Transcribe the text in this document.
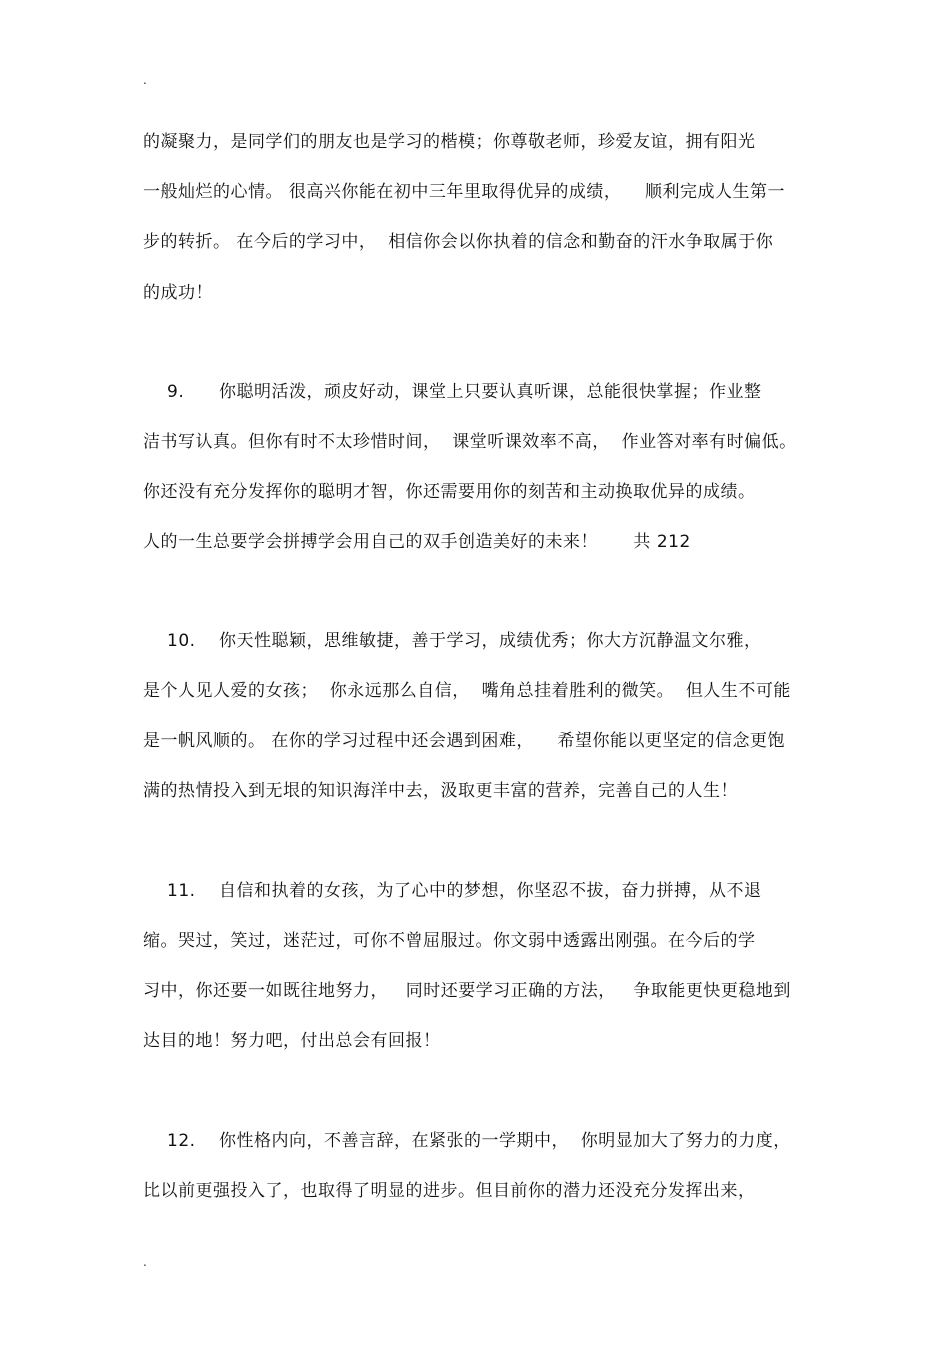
.
的凝聚力，是同学们的朋友也是学习的楷模；你尊敬老师，珍爱友谊，拥有阳光
一般灿烂的心情。 很高兴你能在初中三年里取得优异的成绩，    顺利完成人生第一
步的转折。 在今后的学习中，  相信你会以你执着的信念和勤奋的汗水争取属于你
的成功！
9. 你聪明活泼，顽皮好动，课堂上只要认真听课，总能很快掌握；作业整
洁书写认真。但你有时不太珍惜时间，  课堂听课效率不高，  作业答对率有时偏低。
你还没有充分发挥你的聪明才智，你还需要用你的刻苦和主动换取优异的成绩。
人的一生总要学会拼搏学会用自己的双手创造美好的未来！      共 212
10. 你天性聪颖，思维敏捷，善于学习，成绩优秀；你大方沉静温文尔雅，
是个人见人爱的女孩；  你永远那么自信，  嘴角总挂着胜利的微笑。  但人生不可能
是一帆风顺的。 在你的学习过程中还会遇到困难，    希望你能以更坚定的信念更饱
满的热情投入到无垠的知识海洋中去，汲取更丰富的营养，完善自己的人生！
11. 自信和执着的女孩，为了心中的梦想，你坚忍不拔，奋力拼搏，从不退
缩。哭过，笑过，迷茫过，可你不曾屈服过。你文弱中透露出刚强。在今后的学
习中，你还要一如既往地努力，   同时还要学习正确的方法，   争取能更快更稳地到
达目的地！努力吧，付出总会有回报！
12. 你性格内向，不善言辞，在紧张的一学期中，  你明显加大了努力的力度，
比以前更强投入了，也取得了明显的进步。但目前你的潜力还没充分发挥出来，
.
